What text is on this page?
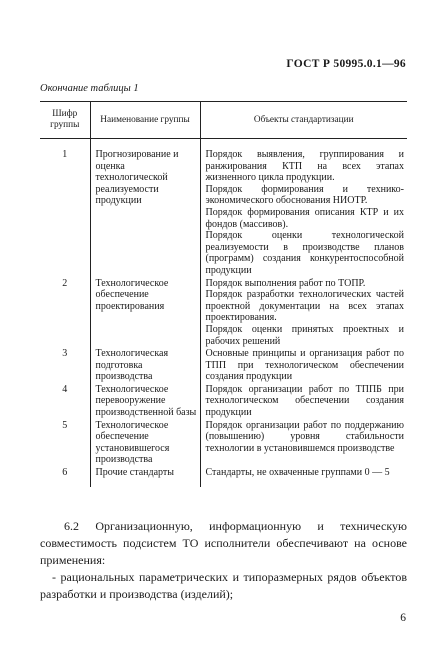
ГОСТ Р 50995.0.1—96
Окончание таблицы 1
Шифр группы	Наименование группы	Объекты стандартизации
1	Прогнозирование и оценка технологической реализуемости продукции	Порядок выявления, группирования и ранжирования КТП на всех этапах жизненного цикла продукции.
Порядок формирования и технико-экономического обоснования НИОТР.
Порядок формирования описания КТР и их фондов (массивов).
Порядок оценки технологической реализуемости в производстве планов (программ) создания конкурентоспособной продукции

2	Технологическое обеспечение проектирования	Порядок выполнения работ по ТОПР.
Порядок разработки технологических частей проектной документации на всех этапах проектирования.
Порядок оценки принятых проектных и рабочих решений

3	Технологическая подготовка производства	Основные принципы и организация работ по ТПП при технологическом обеспечении создания продукции

4	Технологическое перевооружение производственной базы	Порядок организации работ по ТППБ при технологическом обеспечении создания продукции

5	Технологическое обеспечение установившегося производства	Порядок организации работ по поддержанию (повышению) уровня стабильности технологии в установившемся производстве

6	Прочие стандарты	Стандарты, не охваченные группами 0 — 5
6.2 Организационную, информационную и техническую совместимость подсистем ТО исполнители обеспечивают на основе применения:
- рациональных параметрических и типоразмерных рядов объектов разработки и производства (изделий);
6
